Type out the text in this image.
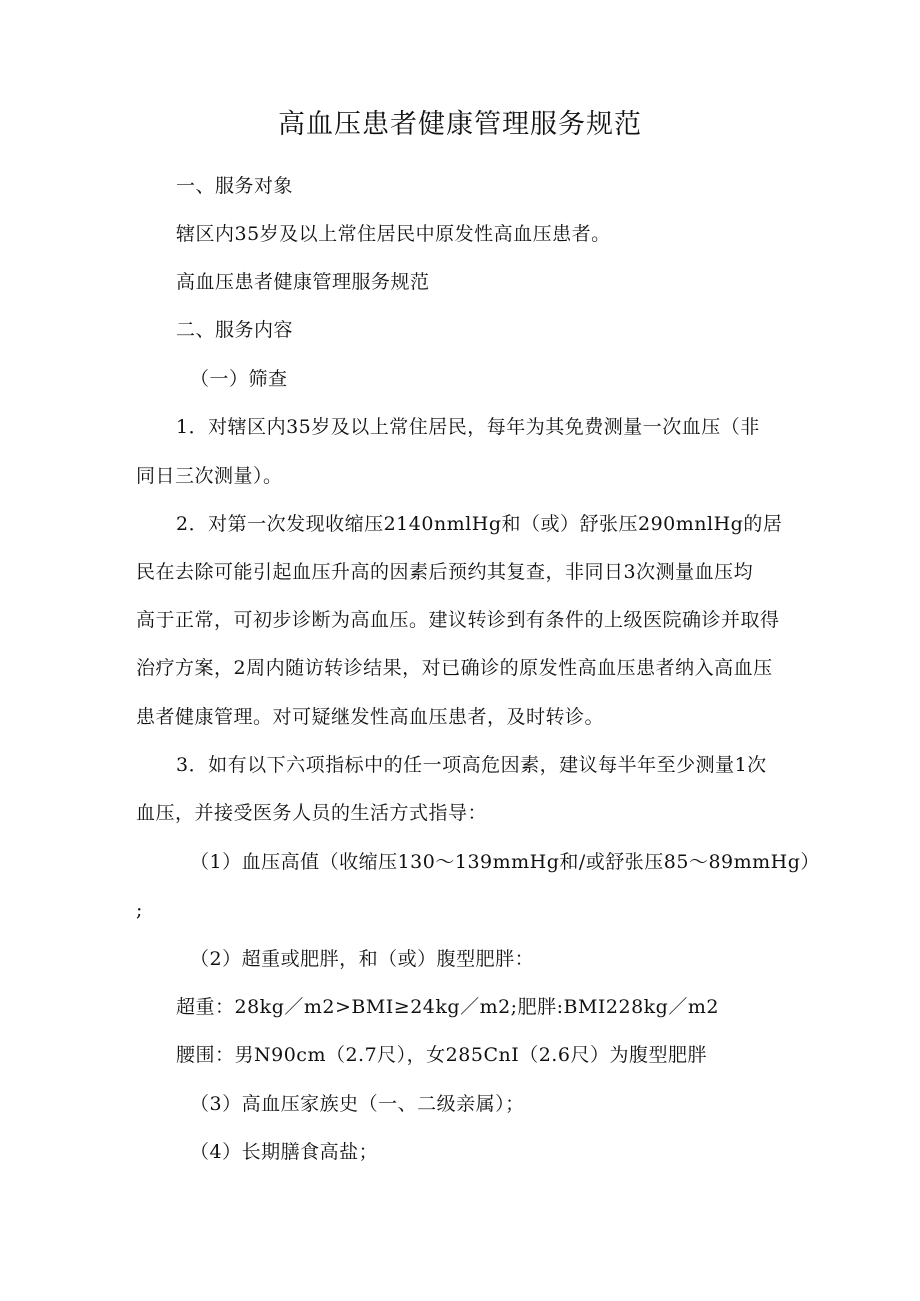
高血压患者健康管理服务规范
一、服务对象
辖区内35岁及以上常住居民中原发性高血压患者。
高血压患者健康管理服务规范
二、服务内容
（一）筛查
1．对辖区内35岁及以上常住居民，每年为其免费测量一次血压（非
同日三次测量）。
2．对第一次发现收缩压2140nmlHg和（或）舒张压290mnlHg的居
民在去除可能引起血压升高的因素后预约其复查，非同日3次测量血压均
高于正常，可初步诊断为高血压。建议转诊到有条件的上级医院确诊并取得
治疗方案，2周内随访转诊结果，对已确诊的原发性高血压患者纳入高血压
患者健康管理。对可疑继发性高血压患者，及时转诊。
3．如有以下六项指标中的任一项高危因素，建议每半年至少测量1次
血压，并接受医务人员的生活方式指导：
（1）血压高值（收缩压130～139mmHg和/或舒张压85～89mmHg）
;
（2）超重或肥胖，和（或）腹型肥胖：
超重：28kg／m2>BMI≥24kg／m2;肥胖:BMI228kg／m2
腰围：男N90cm（2.7尺），女285CnI（2.6尺）为腹型肥胖
（3）高血压家族史（一、二级亲属）；
（4）长期膳食高盐；
